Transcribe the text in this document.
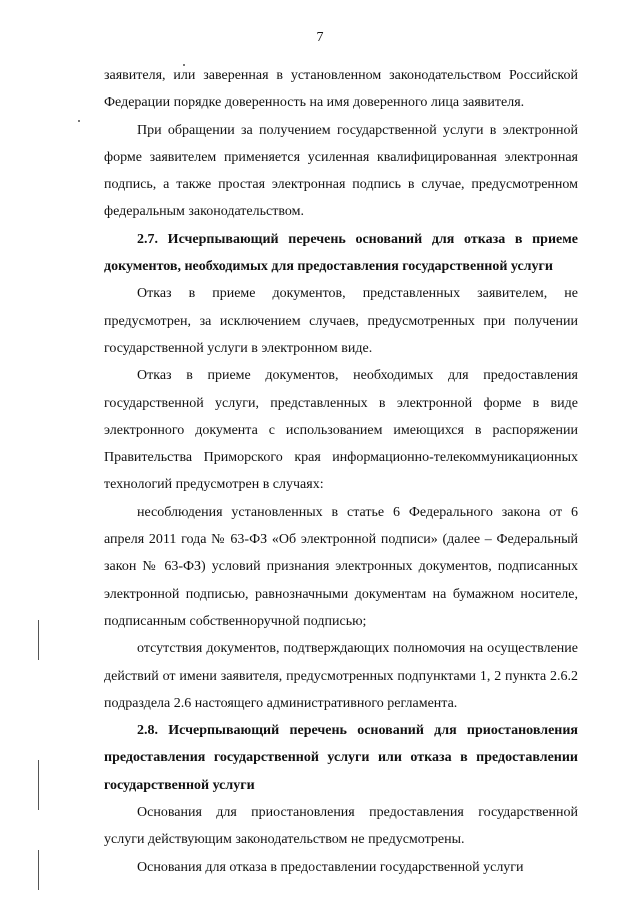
7

заявителя, или заверенная в установленном законодательством Российской Федерации порядке доверенность на имя доверенного лица заявителя.

При обращении за получением государственной услуги в электронной форме заявителем применяется усиленная квалифицированная электронная подпись, а также простая электронная подпись в случае, предусмотренном федеральным законодательством.

2.7. Исчерпывающий перечень оснований для отказа в приеме документов, необходимых для предоставления государственной услуги

Отказ в приеме документов, представленных заявителем, не предусмотрен, за исключением случаев, предусмотренных при получении государственной услуги в электронном виде.

Отказ в приеме документов, необходимых для предоставления государственной услуги, представленных в электронной форме в виде электронного документа с использованием имеющихся в распоряжении Правительства Приморского края информационно-телекоммуникационных технологий предусмотрен в случаях:

несоблюдения установленных в статье 6 Федерального закона от 6 апреля 2011 года № 63-ФЗ «Об электронной подписи» (далее – Федеральный закон № 63-ФЗ) условий признания электронных документов, подписанных электронной подписью, равнозначными документам на бумажном носителе, подписанным собственноручной подписью;

отсутствия документов, подтверждающих полномочия на осуществление действий от имени заявителя, предусмотренных подпунктами 1, 2 пункта 2.6.2 подраздела 2.6 настоящего административного регламента.

2.8. Исчерпывающий перечень оснований для приостановления предоставления государственной услуги или отказа в предоставлении государственной услуги

Основания для приостановления предоставления государственной услуги действующим законодательством не предусмотрены.

Основания для отказа в предоставлении государственной услуги
